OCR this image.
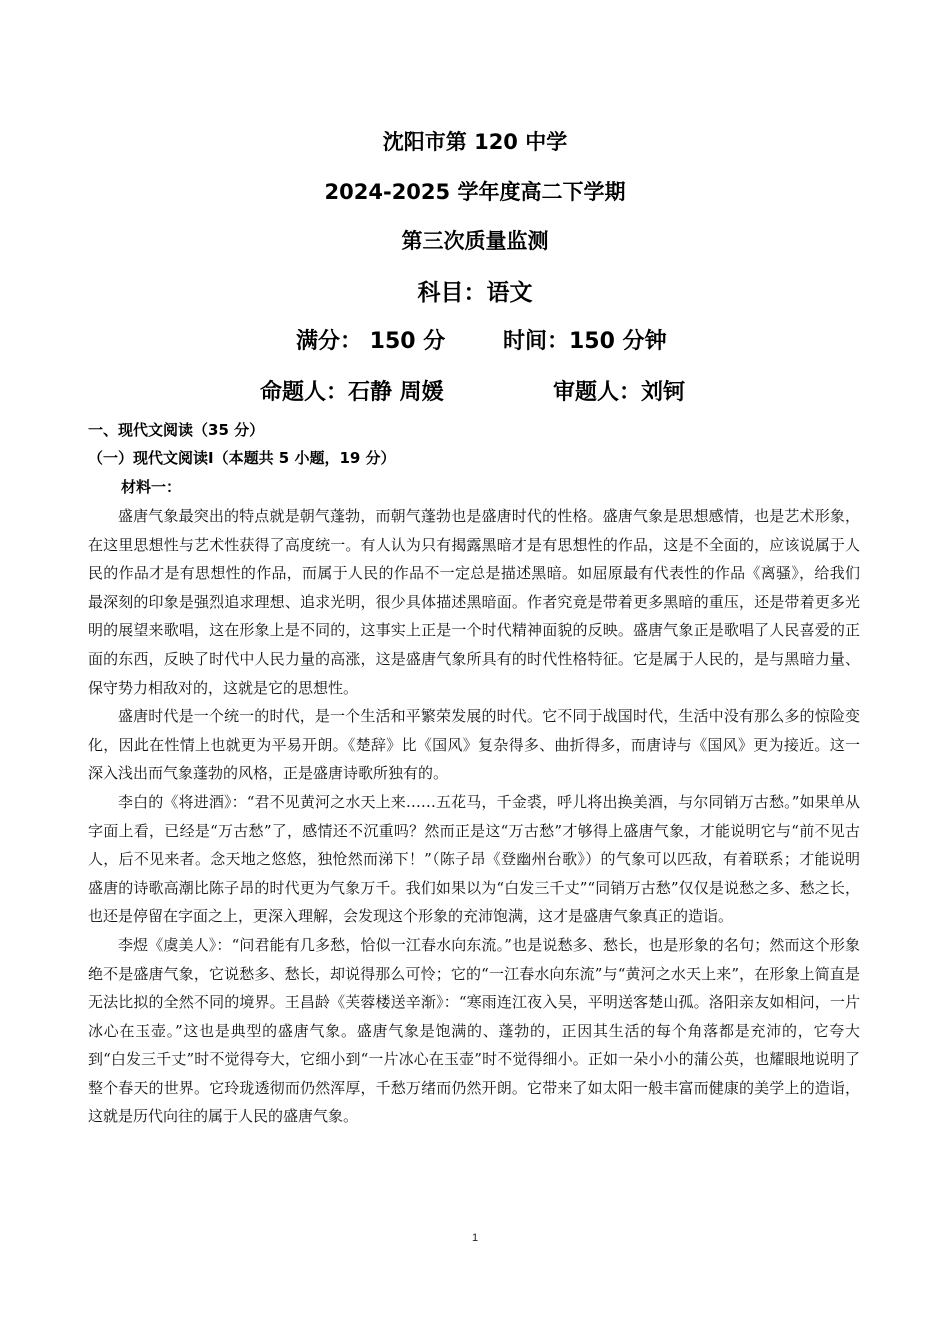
沈阳市第 120 中学
2024-2025 学年度高二下学期
第三次质量监测
科目：语文
满分： 150 分	时间：150 分钟
命题人：石静 周媛	审题人：刘钶
一、现代文阅读（35 分）
（一）现代文阅读Ⅰ（本题共 5 小题，19 分）
材料一：

盛唐气象最突出的特点就是朝气蓬勃，而朝气蓬勃也是盛唐时代的性格。盛唐气象是思想感情，也是艺术形象，在这里思想性与艺术性获得了高度统一。有人认为只有揭露黑暗才是有思想性的作品，这是不全面的，应该说属于人民的作品才是有思想性的作品，而属于人民的作品不一定总是描述黑暗。如屈原最有代表性的作品《离骚》，给我们最深刻的印象是强烈追求理想、追求光明，很少具体描述黑暗面。作者究竟是带着更多黑暗的重压，还是带着更多光明的展望来歌唱，这在形象上是不同的，这事实上正是一个时代精神面貌的反映。盛唐气象正是歌唱了人民喜爱的正面的东西，反映了时代中人民力量的高涨，这是盛唐气象所具有的时代性格特征。它是属于人民的，是与黑暗力量、保守势力相敌对的，这就是它的思想性。

盛唐时代是一个统一的时代，是一个生活和平繁荣发展的时代。它不同于战国时代，生活中没有那么多的惊险变化，因此在性情上也就更为平易开朗。《楚辞》比《国风》复杂得多、曲折得多，而唐诗与《国风》更为接近。这一深入浅出而气象蓬勃的风格，正是盛唐诗歌所独有的。

李白的《将进酒》：“君不见黄河之水天上来……五花马，千金裘，呼儿将出换美酒，与尔同销万古愁。”如果单从字面上看，已经是“万古愁”了，感情还不沉重吗？然而正是这“万古愁”才够得上盛唐气象，才能说明它与“前不见古人，后不见来者。念天地之悠悠，独怆然而涕下！”（陈子昂《登幽州台歌》）的气象可以匹敌，有着联系；才能说明盛唐的诗歌高潮比陈子昂的时代更为气象万千。我们如果以为“白发三千丈”“同销万古愁”仅仅是说愁之多、愁之长，也还是停留在字面之上，更深入理解，会发现这个形象的充沛饱满，这才是盛唐气象真正的造诣。

李煜《虞美人》：“问君能有几多愁，恰似一江春水向东流。”也是说愁多、愁长，也是形象的名句；然而这个形象绝不是盛唐气象，它说愁多、愁长，却说得那么可怜；它的“一江春水向东流”与“黄河之水天上来”，在形象上简直是无法比拟的全然不同的境界。王昌龄《芙蓉楼送辛渐》：“寒雨连江夜入吴，平明送客楚山孤。洛阳亲友如相问，一片冰心在玉壶。”这也是典型的盛唐气象。盛唐气象是饱满的、蓬勃的，正因其生活的每个角落都是充沛的，它夸大到“白发三千丈”时不觉得夸大，它细小到“一片冰心在玉壶”时不觉得细小。正如一朵小小的蒲公英，也耀眼地说明了整个春天的世界。它玲珑透彻而仍然浑厚，千愁万绪而仍然开朗。它带来了如太阳一般丰富而健康的美学上的造诣，这就是历代向往的属于人民的盛唐气象。

1
